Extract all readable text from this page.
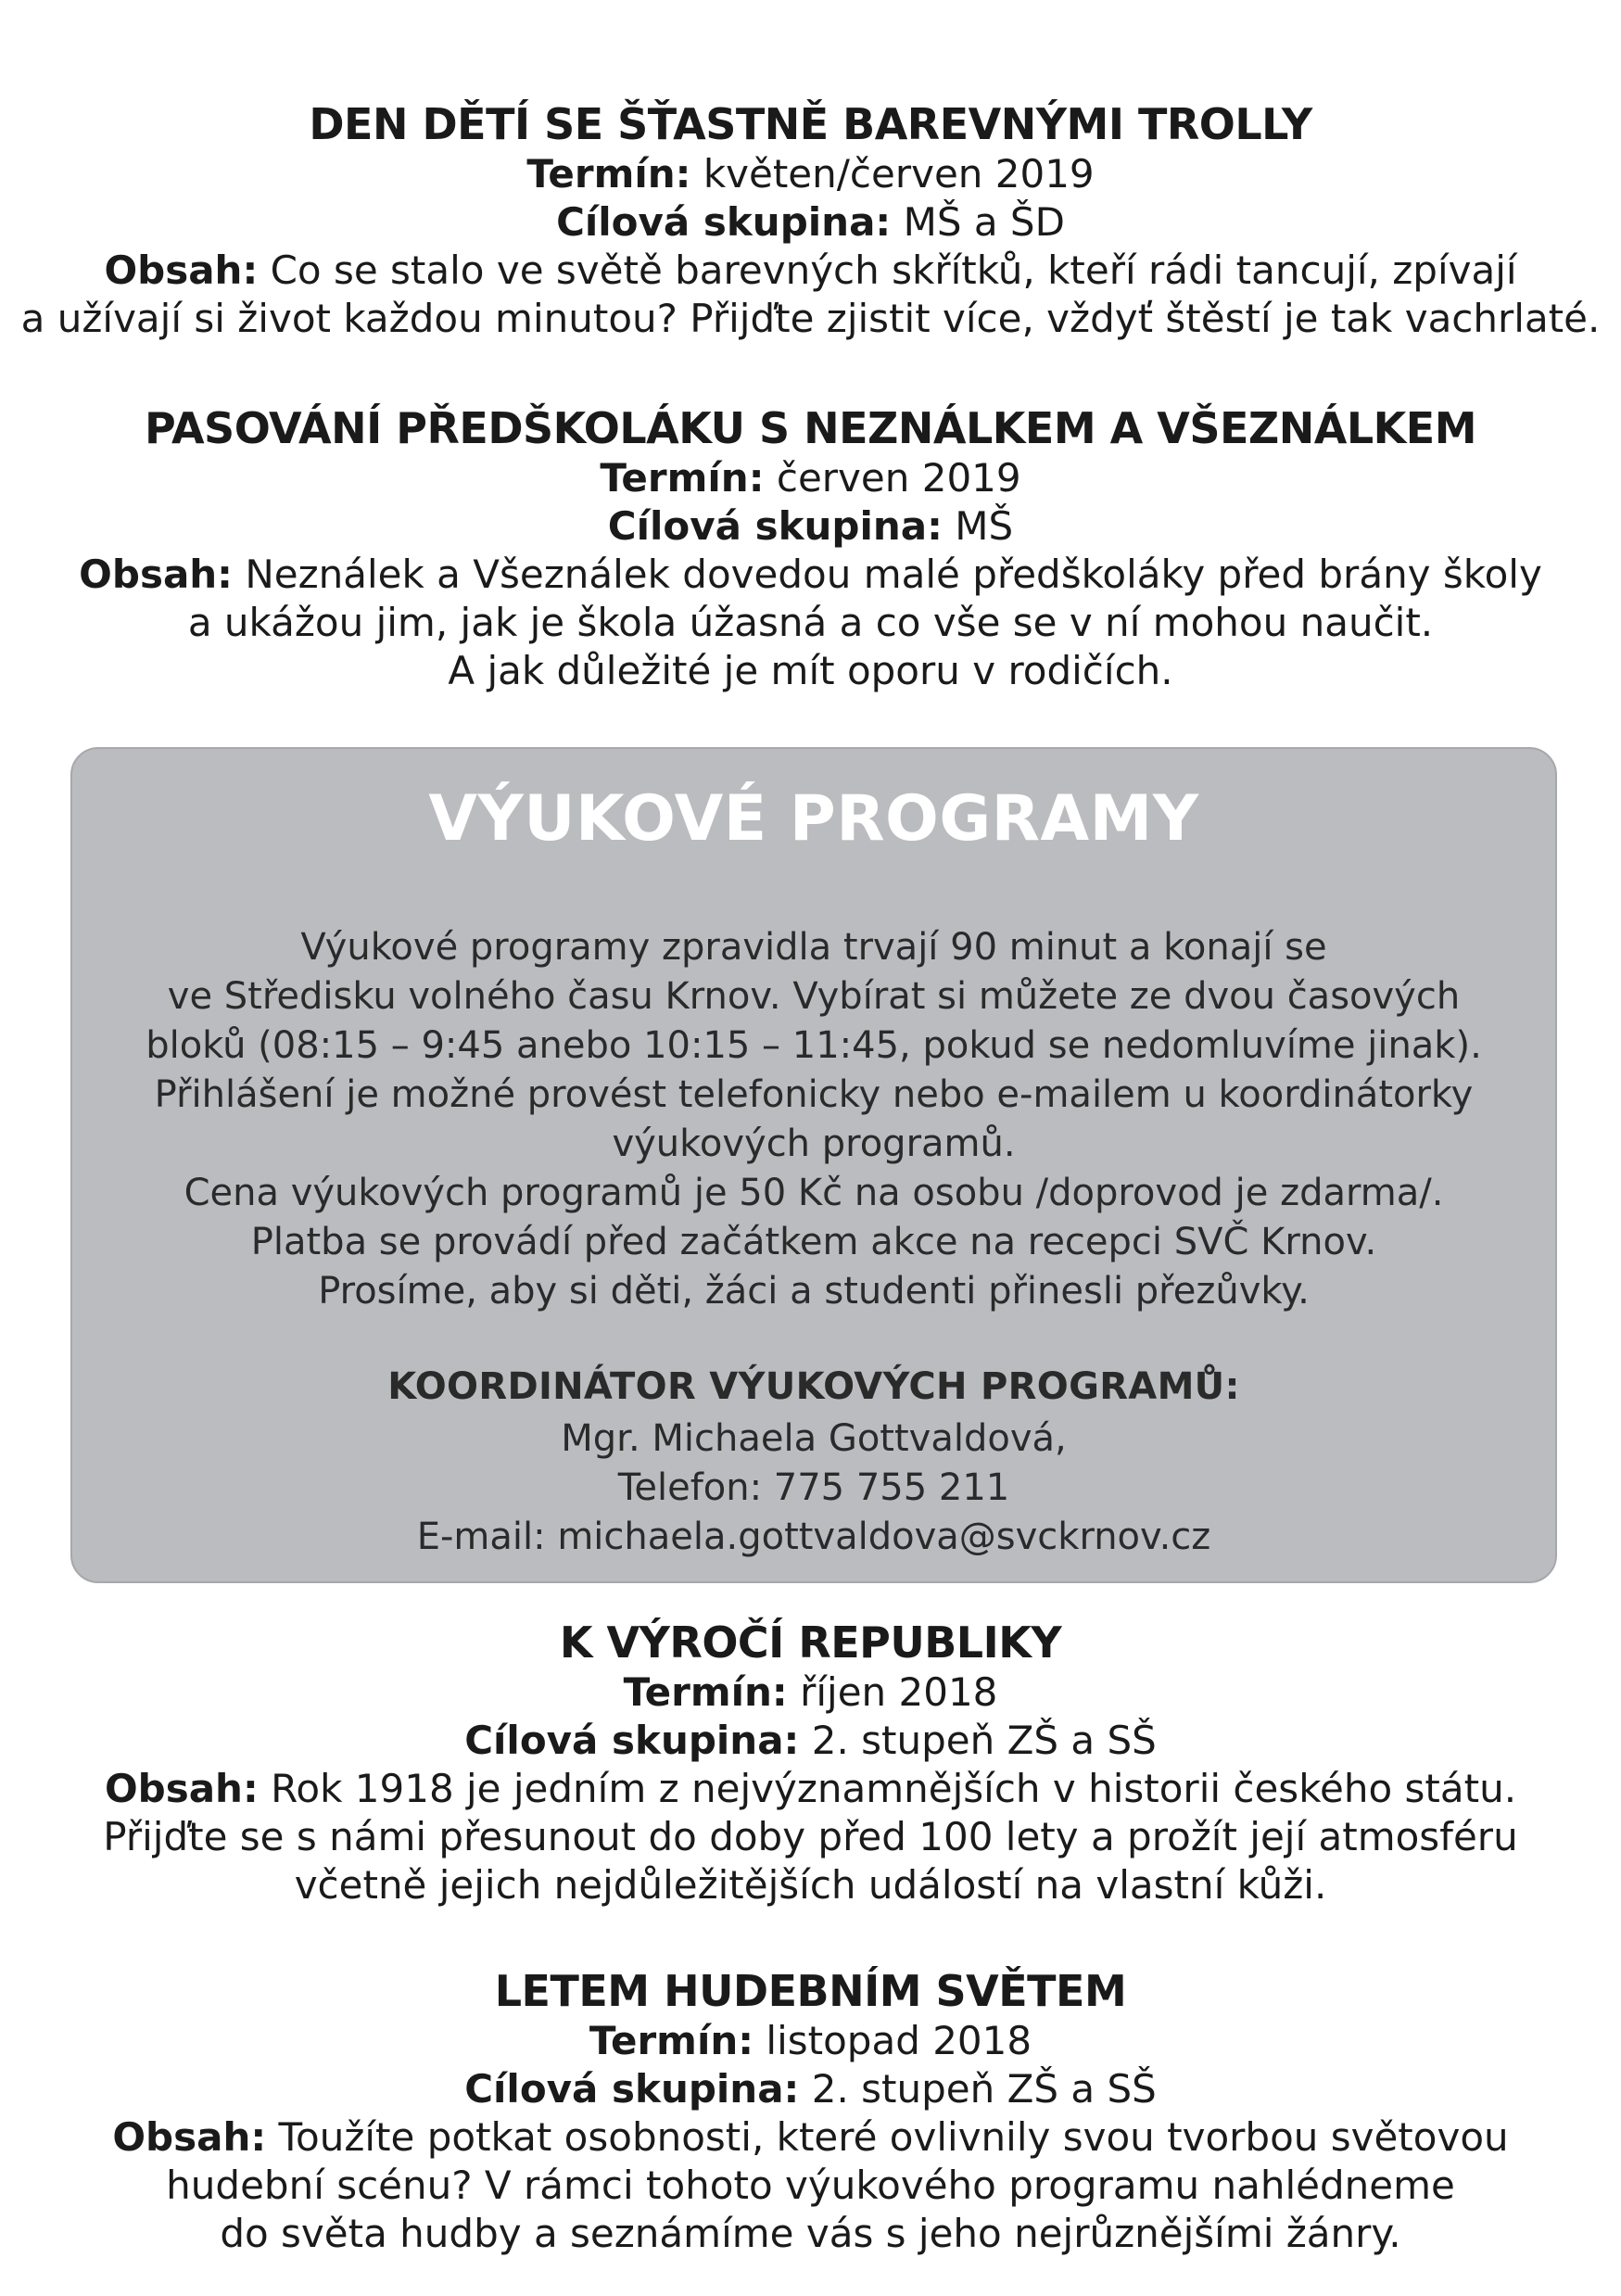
DEN DĚTÍ SE ŠŤASTNĚ BAREVNÝMI TROLLY

Termín: květen/červen 2019

Cílová skupina: MŠ a ŠD

Obsah: Co se stalo ve světě barevných skřítků, kteří rádi tancují, zpívají

a užívají si život každou minutou? Přijďte zjistit více, vždyť štěstí je tak vachrlaté.

PASOVÁNÍ PŘEDŠKOLÁKU S NEZNÁLKEM A VŠEZNÁLKEM

Termín: červen 2019

Cílová skupina: MŠ

Obsah: Neználek a Všeználek dovedou malé předškoláky před brány školy

a ukážou jim, jak je škola úžasná a co vše se v ní mohou naučit.

A jak důležité je mít oporu v rodičích.

VÝUKOVÉ PROGRAMY

Výukové programy zpravidla trvají 90 minut a konají se

ve Středisku volného času Krnov. Vybírat si můžete ze dvou časových

bloků (08:15 – 9:45 anebo 10:15 – 11:45, pokud se nedomluvíme jinak).

Přihlášení je možné provést telefonicky nebo e-mailem u koordinátorky

výukových programů.

Cena výukových programů je 50 Kč na osobu /doprovod je zdarma/.

Platba se provádí před začátkem akce na recepci SVČ Krnov.

Prosíme, aby si děti, žáci a studenti přinesli přezůvky.

KOORDINÁTOR VÝUKOVÝCH PROGRAMŮ:

Mgr. Michaela Gottvaldová,

Telefon: 775 755 211

E-mail: michaela.gottvaldova@svckrnov.cz

K VÝROČÍ REPUBLIKY

Termín: říjen 2018

Cílová skupina: 2. stupeň ZŠ a SŠ

Obsah: Rok 1918 je jedním z nejvýznamnějších v historii českého státu.

Přijďte se s námi přesunout do doby před 100 lety a prožít její atmosféru

včetně jejich nejdůležitějších událostí na vlastní kůži.

LETEM HUDEBNÍM SVĚTEM

Termín: listopad 2018

Cílová skupina: 2. stupeň ZŠ a SŠ

Obsah: Toužíte potkat osobnosti, které ovlivnily svou tvorbou světovou

hudební scénu? V rámci tohoto výukového programu nahlédneme

do světa hudby a seznámíme vás s jeho nejrůznějšími žánry.
